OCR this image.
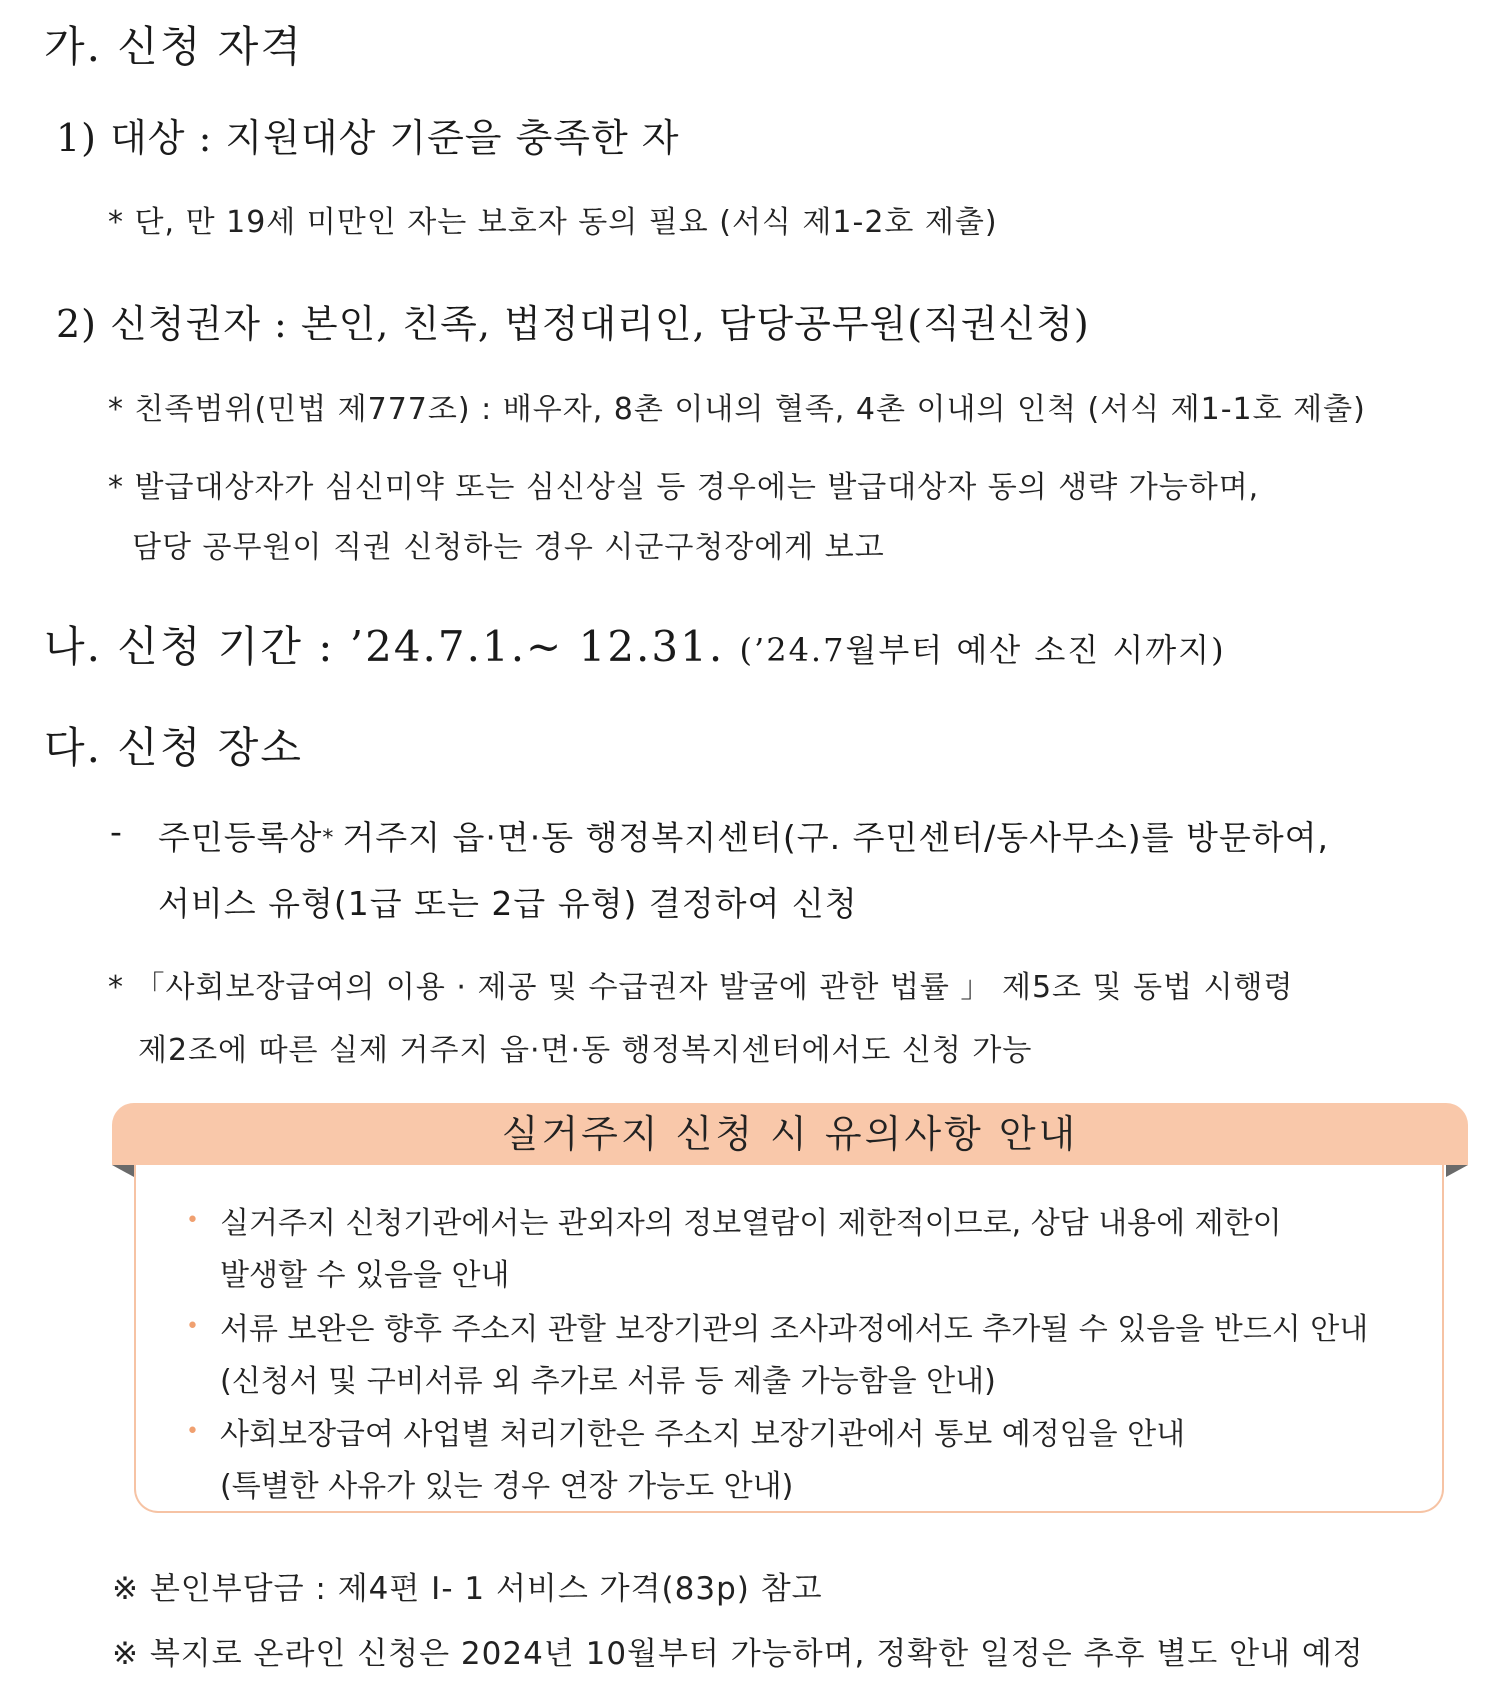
가. 신청 자격
1) 대상 : 지원대상 기준을 충족한 자
* 단, 만 19세 미만인 자는 보호자 동의 필요 (서식 제1-2호 제출)
2) 신청권자 : 본인, 친족, 법정대리인, 담당공무원(직권신청)
* 친족범위(민법 제777조) : 배우자, 8촌 이내의 혈족, 4촌 이내의 인척 (서식 제1-1호 제출)
* 발급대상자가 심신미약 또는 심신상실 등 경우에는 발급대상자 동의 생략 가능하며,
담당 공무원이 직권 신청하는 경우 시군구청장에게 보고
나. 신청 기간 : ’24.7.1.~ 12.31. (’24.7월부터 예산 소진 시까지)
다. 신청 장소
- 주민등록상* 거주지 읍·면·동 행정복지센터(구. 주민센터/동사무소)를 방문하여,
서비스 유형(1급 또는 2급 유형) 결정하여 신청
* 「사회보장급여의 이용 · 제공 및 수급권자 발굴에 관한 법률 」 제5조 및 동법 시행령
제2조에 따른 실제 거주지 읍·면·동 행정복지센터에서도 신청 가능
실거주지 신청 시 유의사항 안내
• 실거주지 신청기관에서는 관외자의 정보열람이 제한적이므로, 상담 내용에 제한이
발생할 수 있음을 안내
• 서류 보완은 향후 주소지 관할 보장기관의 조사과정에서도 추가될 수 있음을 반드시 안내
(신청서 및 구비서류 외 추가로 서류 등 제출 가능함을 안내)
• 사회보장급여 사업별 처리기한은 주소지 보장기관에서 통보 예정임을 안내
(특별한 사유가 있는 경우 연장 가능도 안내)
※ 본인부담금 : 제4편 Ⅰ- 1 서비스 가격(83p) 참고
※ 복지로 온라인 신청은 2024년 10월부터 가능하며, 정확한 일정은 추후 별도 안내 예정
